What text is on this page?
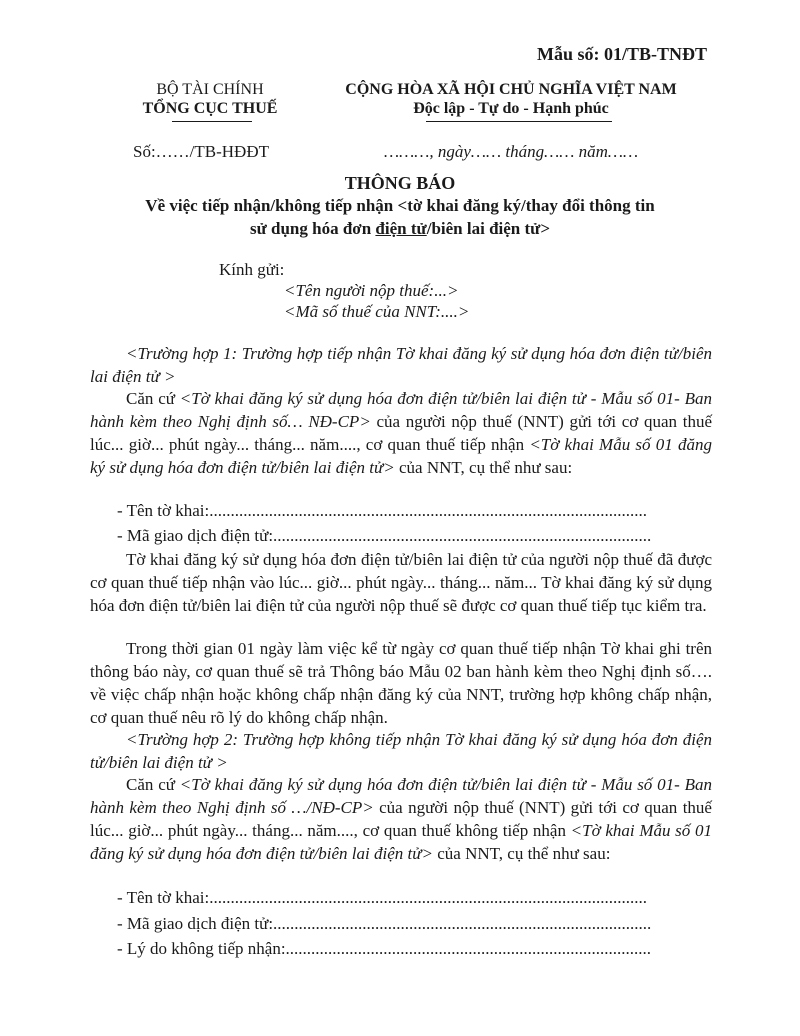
Mẫu số: 01/TB-TNĐT

BỘ TÀI CHÍNH

TỔNG CỤC THUẾ

CỘNG HÒA XÃ HỘI CHỦ NGHĨA VIỆT NAM

Độc lập - Tự do - Hạnh phúc

Số:……/TB-HĐĐT	………, ngày…… tháng…… năm……

THÔNG BÁO

Về việc tiếp nhận/không tiếp nhận <tờ khai đăng ký/thay đổi thông tin

sử dụng hóa đơn điện tử/biên lai điện tử>

Kính gửi:

<Tên người nộp thuế:...>

<Mã số thuế của NNT:....>

<Trường hợp 1: Trường hợp tiếp nhận Tờ khai đăng ký sử dụng hóa đơn điện tử/biên lai điện tử >

Căn cứ <Tờ khai đăng ký sử dụng hóa đơn điện tử/biên lai điện tử - Mẫu số 01- Ban hành kèm theo Nghị định số… NĐ-CP> của người nộp thuế (NNT) gửi tới cơ quan thuế lúc... giờ... phút ngày... tháng... năm...., cơ quan thuế tiếp nhận <Tờ khai Mẫu số 01 đăng ký sử dụng hóa đơn điện tử/biên lai điện tử> của NNT, cụ thể như sau:

- Tên tờ khai:.......................................................................................................

- Mã giao dịch điện tử:.........................................................................................

Tờ khai đăng ký sử dụng hóa đơn điện tử/biên lai điện tử của người nộp thuế đã được cơ quan thuế tiếp nhận vào lúc... giờ... phút ngày... tháng... năm... Tờ khai đăng ký sử dụng hóa đơn điện tử/biên lai điện tử của người nộp thuế sẽ được cơ quan thuế tiếp tục kiểm tra.

Trong thời gian 01 ngày làm việc kể từ ngày cơ quan thuế tiếp nhận Tờ khai ghi trên thông báo này, cơ quan thuế sẽ trả Thông báo Mẫu 02 ban hành kèm theo Nghị định số…. về việc chấp nhận hoặc không chấp nhận đăng ký của NNT, trường hợp không chấp nhận, cơ quan thuế nêu rõ lý do không chấp nhận.

<Trường hợp 2: Trường hợp không tiếp nhận Tờ khai đăng ký sử dụng hóa đơn điện tử/biên lai điện tử >

Căn cứ <Tờ khai đăng ký sử dụng hóa đơn điện tử/biên lai điện tử - Mẫu số 01- Ban hành kèm theo Nghị định số …/NĐ-CP> của người nộp thuế (NNT) gửi tới cơ quan thuế lúc... giờ... phút ngày... tháng... năm...., cơ quan thuế không tiếp nhận <Tờ khai Mẫu số 01 đăng ký sử dụng hóa đơn điện tử/biên lai điện tử> của NNT, cụ thể như sau:

- Tên tờ khai:.......................................................................................................

- Mã giao dịch điện tử:.........................................................................................

- Lý do không tiếp nhận:......................................................................................
